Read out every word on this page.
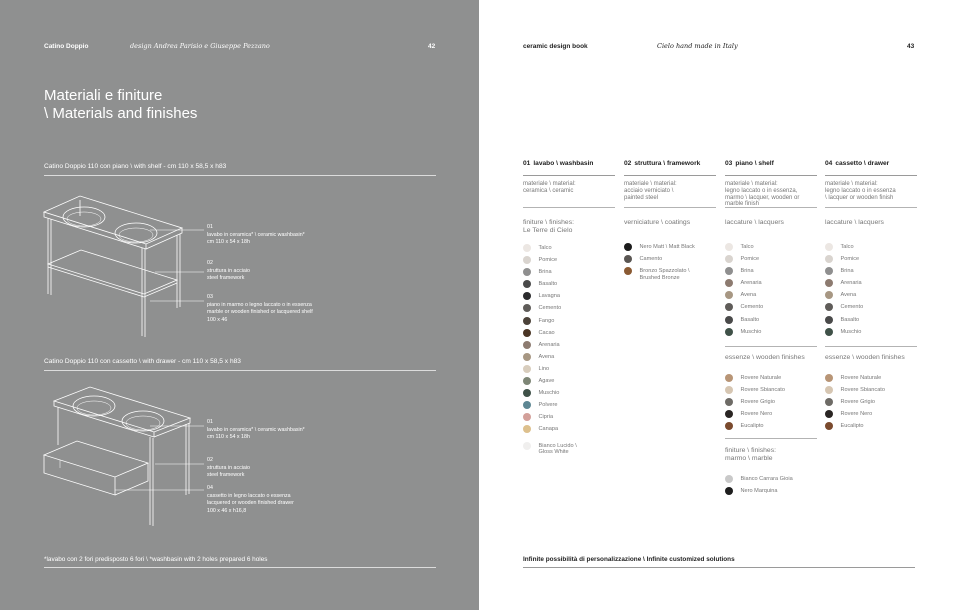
Catino Doppio	design Andrea Parisio e Giuseppe Pezzano	42
Materiali e finiture
\ Materials and finishes
Catino Doppio 110 con piano \ with shelf - cm 110 x 58,5 x h83
01
lavabo in ceramica* \ ceramic washbasin*
cm 110 x 54 x 18h
02
struttura in acciaio
steel framework
03
piano in marmo o legno laccato o in essenza
marble or wooden finished or lacquered shelf
100 x 46
Catino Doppio 110 con cassetto \ with drawer - cm 110 x 58,5 x h83
01
lavabo in ceramica* \ ceramic washbasin*
cm 110 x 54 x 18h
02
struttura in acciaio
steel framework
04
cassetto in legno laccato o essenza
lacquered or wooden finished drawer
100 x 46 x h16,8
*lavabo con 2 fori predisposto 6 fori \ *washbasin with 2 holes prepared 6 holes
ceramic design book	Cielo hand made in Italy	43
01 lavabo \ washbasin
materiale \ material:
ceramica \ ceramic
finiture \ finishes:
Le Terre di Cielo
Talco
Pomice
Brina
Basalto
Lavagna
Cemento
Fango
Cacao
Arenaria
Avena
Lino
Agave
Muschio
Polvere
Cipria
Canapa
Bianco Lucido \
Gloss White
02 struttura \ framework
materiale \ material:
acciaio verniciato \
painted steel
verniciature \ coatings
Nero Matt \ Matt Black
Camento
Bronzo Spazzolato \
Brushed Bronze
03 piano \ shelf
materiale \ material:
legno laccato o in essenza,
marmo \ lacquer, wooden or
marble finish
laccature \ lacquers
Talco
Pomice
Brina
Arenaria
Avena
Cemento
Basalto
Muschio
essenze \ wooden finishes
Rovere Naturale
Rovere Sbiancato
Rovere Grigio
Rovere Nero
Eucalipto
finiture \ finishes:
marmo \ marble
Bianco Carrara Gioia
Nero Marquina
04 cassetto \ drawer
materiale \ material:
legno laccato o in essenza
\ lacquer or wooden finish
laccature \ lacquers
Talco
Pomice
Brina
Arenaria
Avena
Cemento
Basalto
Muschio
essenze \ wooden finishes
Rovere Naturale
Rovere Sbiancato
Rovere Grigio
Rovere Nero
Eucalipto
Infinite possibilità di personalizzazione \ Infinite customized solutions
